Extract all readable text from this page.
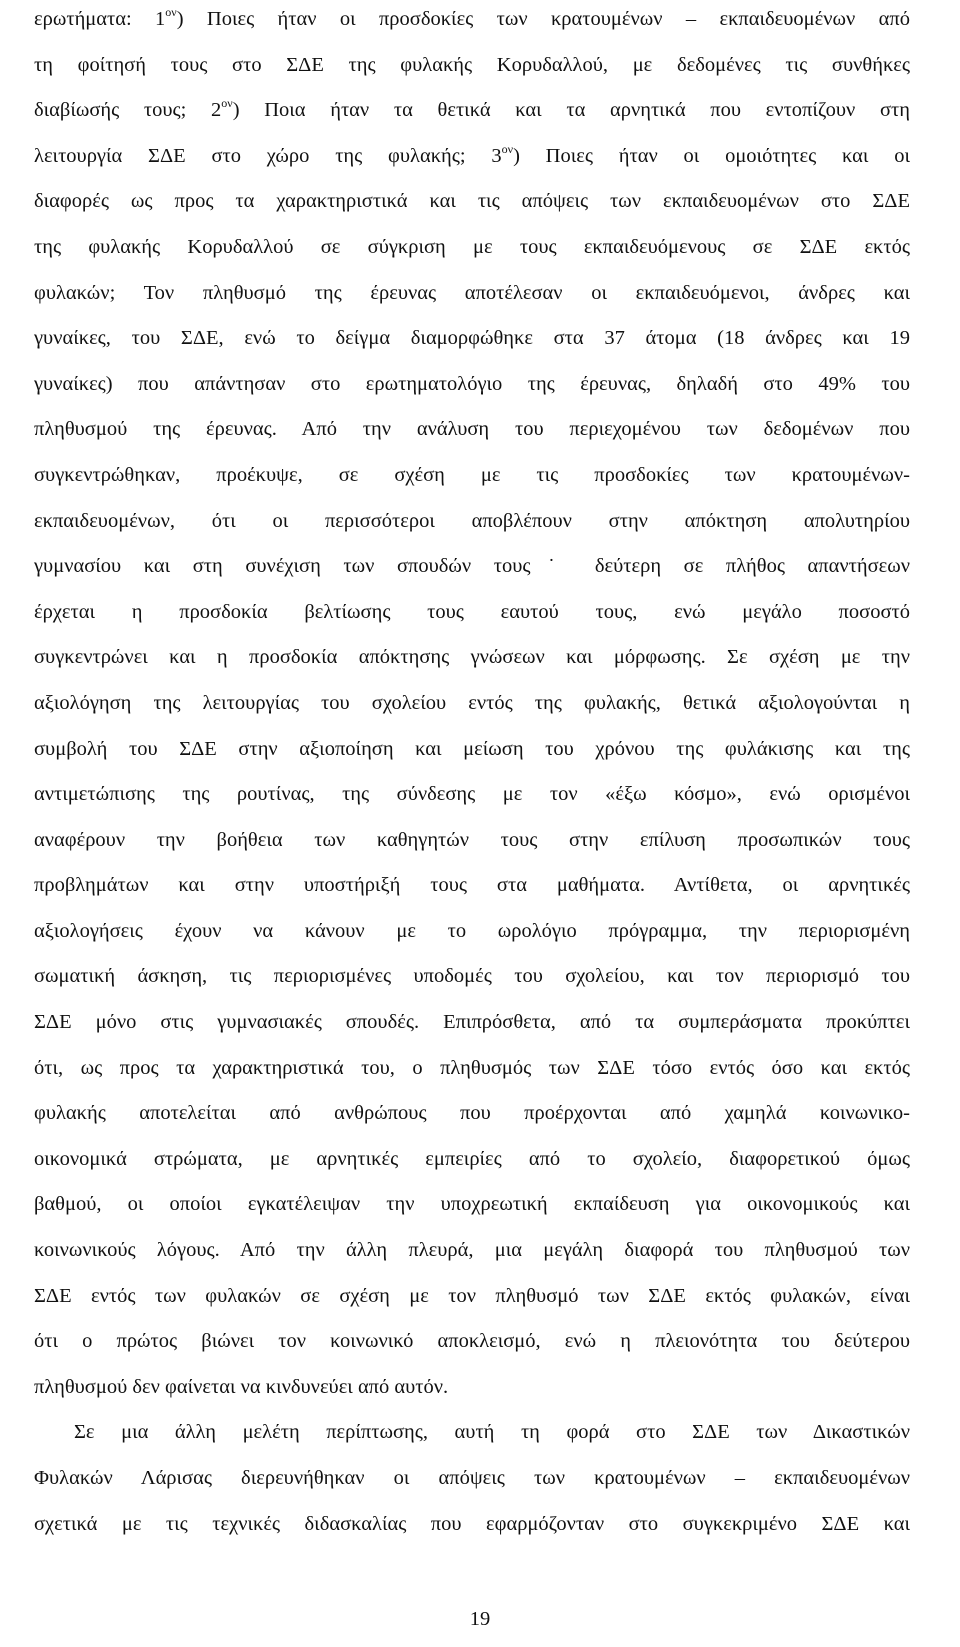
ερωτήματα: $1^{o\nu}$) Ποιες ήταν οι προσδοκίες των κρατουμένων – εκπαιδευομένων από
τη φοίτησή τους στο ΣΔΕ της φυλακής Κορυδαλλού, με δεδομένες τις συνθήκες
διαβίωσής τους; $2^{o\nu}$) Ποια ήταν τα θετικά και τα αρνητικά που εντοπίζουν στη
λειτουργία ΣΔΕ στο χώρο της φυλακής; $3^{o\nu}$) Ποιες ήταν οι ομοιότητες και οι
διαφορές ως προς τα χαρακτηριστικά και τις απόψεις των εκπαιδευομένων στο ΣΔΕ
της φυλακής Κορυδαλλού σε σύγκριση με τους εκπαιδευόμενους σε ΣΔΕ εκτός
φυλακών; Τον πληθυσμό της έρευνας αποτέλεσαν οι εκπαιδευόμενοι, άνδρες και
γυναίκες, του ΣΔΕ, ενώ το δείγμα διαμορφώθηκε στα 37 άτομα (18 άνδρες και 19
γυναίκες) που απάντησαν στο ερωτηματολόγιο της έρευνας, δηλαδή στο 49% του
πληθυσμού της έρευνας. Από την ανάλυση του περιεχομένου των δεδομένων που
συγκεντρώθηκαν, προέκυψε, σε σχέση με τις προσδοκίες των κρατουμένων-
εκπαιδευομένων, ότι οι περισσότεροι αποβλέπουν στην απόκτηση απολυτηρίου
γυμνασίου και στη συνέχιση των σπουδών τους˙ δεύτερη σε πλήθος απαντήσεων
έρχεται η προσδοκία βελτίωσης τους εαυτού τους, ενώ μεγάλο ποσοστό
συγκεντρώνει και η προσδοκία απόκτησης γνώσεων και μόρφωσης. Σε σχέση με την
αξιολόγηση της λειτουργίας του σχολείου εντός της φυλακής, θετικά αξιολογούνται η
συμβολή του ΣΔΕ στην αξιοποίηση και μείωση του χρόνου της φυλάκισης και της
αντιμετώπισης της ρουτίνας, της σύνδεσης με τον «έξω κόσμο», ενώ ορισμένοι
αναφέρουν την βοήθεια των καθηγητών τους στην επίλυση προσωπικών τους
προβλημάτων και στην υποστήριξή τους στα μαθήματα. Αντίθετα, οι αρνητικές
αξιολογήσεις έχουν να κάνουν με το ωρολόγιο πρόγραμμα, την περιορισμένη
σωματική άσκηση, τις περιορισμένες υποδομές του σχολείου, και τον περιορισμό του
ΣΔΕ μόνο στις γυμνασιακές σπουδές. Επιπρόσθετα, από τα συμπεράσματα προκύπτει
ότι, ως προς τα χαρακτηριστικά του, ο πληθυσμός των ΣΔΕ τόσο εντός όσο και εκτός
φυλακής αποτελείται από ανθρώπους που προέρχονται από χαμηλά κοινωνικο-
οικονομικά στρώματα, με αρνητικές εμπειρίες από το σχολείο, διαφορετικού όμως
βαθμού, οι οποίοι εγκατέλειψαν την υποχρεωτική εκπαίδευση για οικονομικούς και
κοινωνικούς λόγους. Από την άλλη πλευρά, μια μεγάλη διαφορά του πληθυσμού των
ΣΔΕ εντός των φυλακών σε σχέση με τον πληθυσμό των ΣΔΕ εκτός φυλακών, είναι
ότι ο πρώτος βιώνει τον κοινωνικό αποκλεισμό, ενώ η πλειονότητα του δεύτερου
πληθυσμού δεν φαίνεται να κινδυνεύει από αυτόν.
Σε μια άλλη μελέτη περίπτωσης, αυτή τη φορά στο ΣΔΕ των Δικαστικών
Φυλακών Λάρισας διερευνήθηκαν οι απόψεις των κρατουμένων – εκπαιδευομένων
σχετικά με τις τεχνικές διδασκαλίας που εφαρμόζονταν στο συγκεκριμένο ΣΔΕ και
19
